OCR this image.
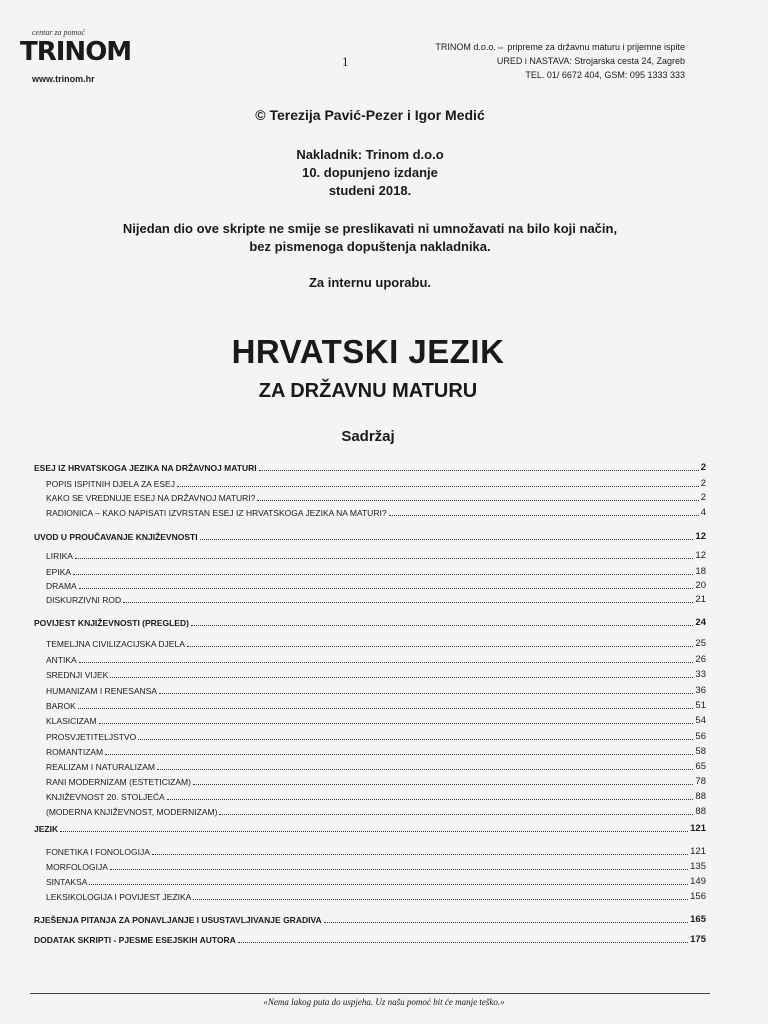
centar za pomoć
TRINOM
www.trinom.hr
1
TRINOM d.o.o.⇔ pripreme za državnu maturu i prijemne ispite
URED i NASTAVA: Strojarska cesta 24, Zagreb
TEL. 01/ 6672 404, GSM: 095 1333 333
© Terezija Pavić-Pezer i Igor Medić
Nakladnik: Trinom d.o.o
10. dopunjeno izdanje
studeni 2018.
Nijedan dio ove skripte ne smije se preslikavati ni umnožavati na bilo koji način,
bez pismenoga dopuštenja nakladnika.
Za internu uporabu.
HRVATSKI JEZIK
ZA DRŽAVNU MATURU
Sadržaj
ESEJ IZ HRVATSKOGA JEZIKA NA DRŽAVNOJ MATURI	2
POPIS ISPITNIH DJELA ZA ESEJ	2
KAKO SE VREDNUJE ESEJ NA DRŽAVNOJ MATURI?	2
RADIONICA – KAKO NAPISATI IZVRSTAN ESEJ IZ HRVATSKOGA JEZIKA NA MATURI?	4
UVOD U PROUČAVANJE KNJIŽEVNOSTI	12
LIRIKA	12
EPIKA	18
DRAMA	20
DISKURZIVNI ROD	21
POVIJEST KNJIŽEVNOSTI (PREGLED)	24
TEMELJNA CIVILIZACIJSKA DJELA	25
ANTIKA	26
SREDNJI VIJEK	33
HUMANIZAM I RENESANSA	36
BAROK	51
KLASICIZAM	54
PROSVJETITELJSTVO	56
ROMANTIZAM	58
REALIZAM I NATURALIZAM	65
RANI MODERNIZAM (ESTETICIZAM)	78
KNJIŽEVNOST 20. STOLJEĆA	88
(MODERNA KNJIŽEVNOST, MODERNIZAM)	88
JEZIK	121
FONETIKA I FONOLOGIJA	121
MORFOLOGIJA	135
SINTAKSA	149
LEKSIKOLOGIJA I POVIJEST JEZIKA	156
RJEŠENJA PITANJA ZA PONAVLJANJE I USUSTAVLJIVANJE GRADIVA	165
DODATAK SKRIPTI - PJESME ESEJSKIH AUTORA	175
«Nema lakog puta do uspjeha. Uz našu pomoć bit će manje teško.»
